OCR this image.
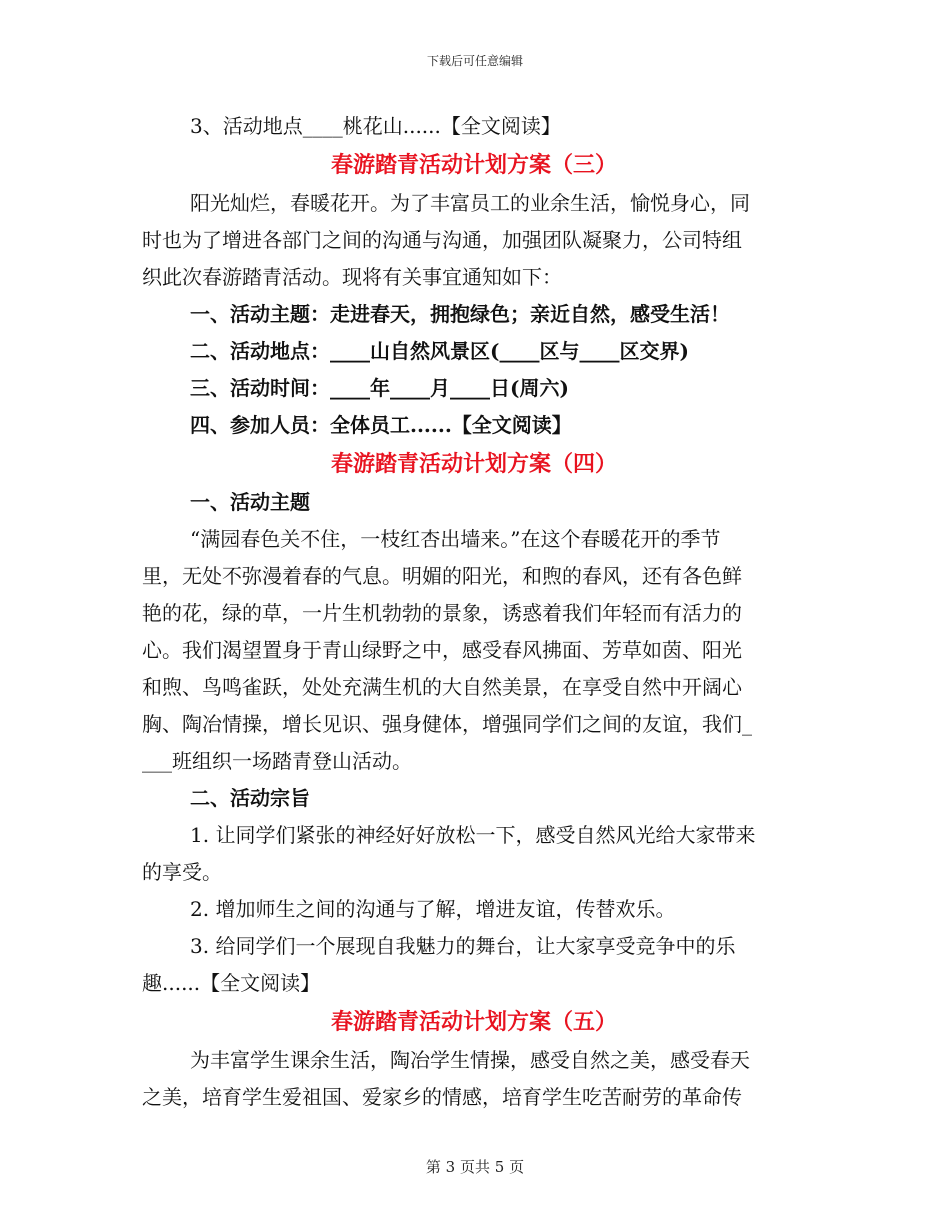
下载后可任意编辑

3、活动地点____桃花山......【全文阅读】

春游踏青活动计划方案（三）

阳光灿烂，春暖花开。为了丰富员工的业余生活，愉悦身心，同

时也为了增进各部门之间的沟通与沟通，加强团队凝聚力，公司特组

织此次春游踏青活动。现将有关事宜通知如下：

一、活动主题：走进春天，拥抱绿色；亲近自然，感受生活！

二、活动地点：____山自然风景区(____区与____区交界)

三、活动时间：____年____月____日(周六)

四、参加人员：全体员工......【全文阅读】

春游踏青活动计划方案（四）

一、活动主题

“满园春色关不住，一枝红杏出墙来。”在这个春暖花开的季节

里，无处不弥漫着春的气息。明媚的阳光，和煦的春风，还有各色鲜

艳的花，绿的草，一片生机勃勃的景象，诱惑着我们年轻而有活力的

心。我们渴望置身于青山绿野之中，感受春风拂面、芳草如茵、阳光

和煦、鸟鸣雀跃，处处充满生机的大自然美景，在享受自然中开阔心

胸、陶冶情操，增长见识、强身健体，增强同学们之间的友谊，我们_

___班组织一场踏青登山活动。

二、活动宗旨

1. 让同学们紧张的神经好好放松一下，感受自然风光给大家带来

的享受。

2. 增加师生之间的沟通与了解，增进友谊，传替欢乐。

3. 给同学们一个展现自我魅力的舞台，让大家享受竞争中的乐

趣......【全文阅读】

春游踏青活动计划方案（五）

为丰富学生课余生活，陶冶学生情操，感受自然之美，感受春天

之美，培育学生爱祖国、爱家乡的情感，培育学生吃苦耐劳的革命传

第 3 页共 5 页
